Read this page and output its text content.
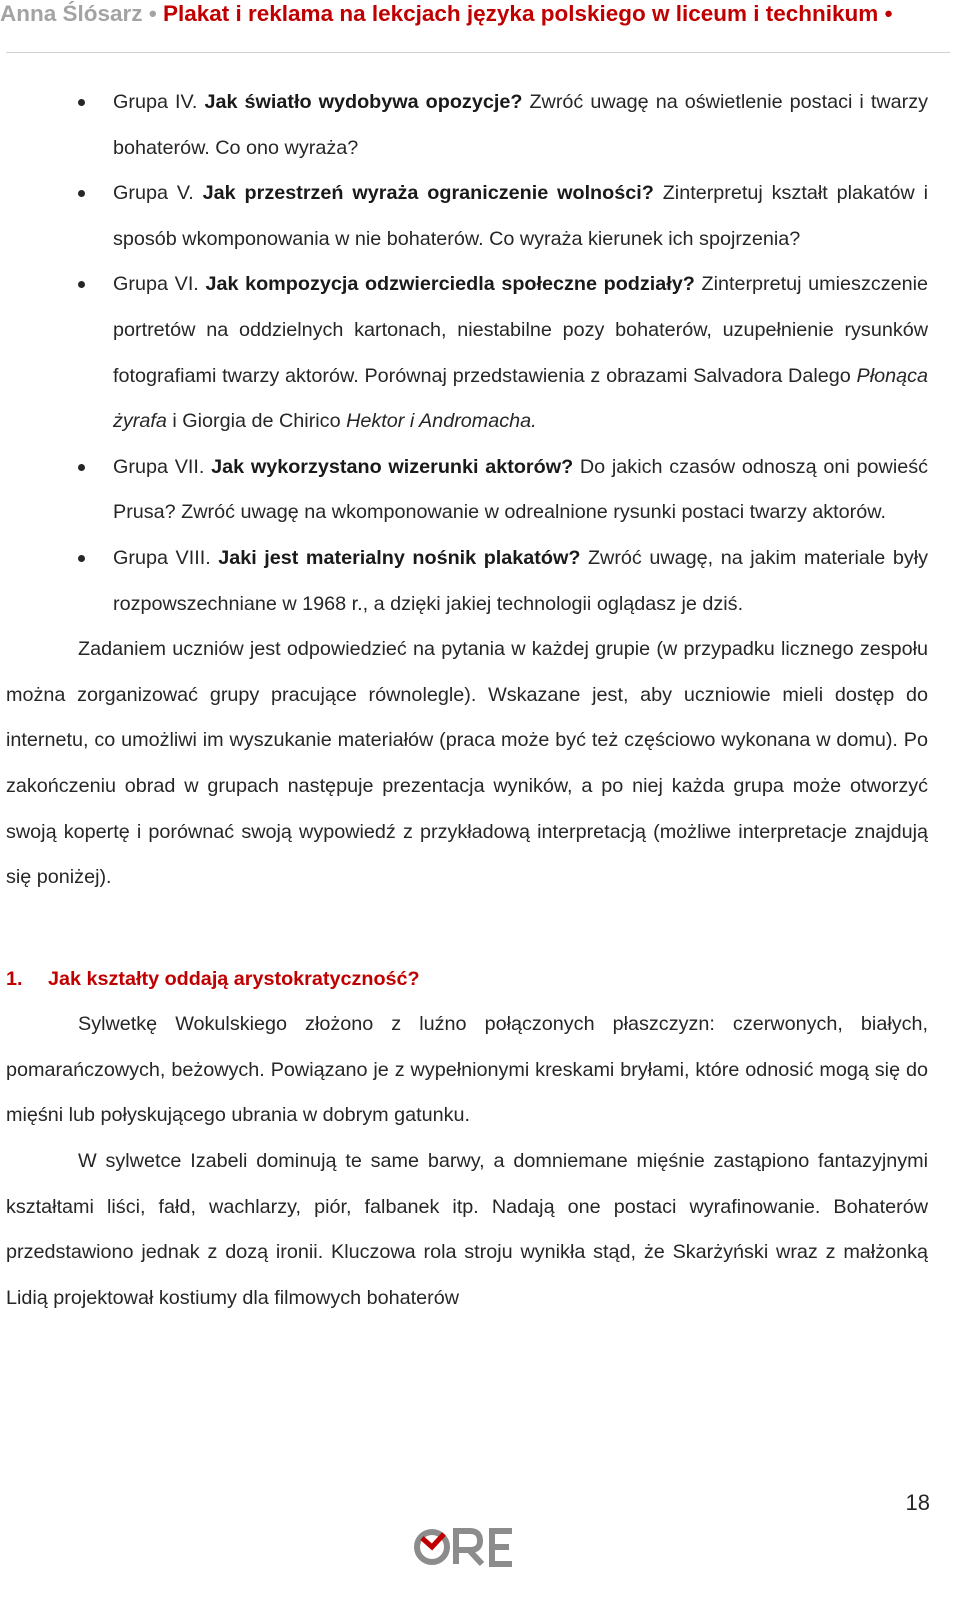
Anna Ślósarz • Plakat i reklama na lekcjach języka polskiego w liceum i technikum •
Grupa IV. Jak światło wydobywa opozycje? Zwróć uwagę na oświetlenie postaci i twarzy bohaterów. Co ono wyraża?
Grupa V. Jak przestrzeń wyraża ograniczenie wolności? Zinterpretuj kształt plakatów i sposób wkomponowania w nie bohaterów. Co wyraża kierunek ich spojrzenia?
Grupa VI. Jak kompozycja odzwierciedla społeczne podziały? Zinterpretuj umieszczenie portretów na oddzielnych kartonach, niestabilne pozy bohaterów, uzupełnienie rysunków fotografiami twarzy aktorów. Porównaj przedstawienia z obrazami Salvadora Dalego Płonąca żyrafa i Giorgia de Chirico Hektor i Andromacha.
Grupa VII. Jak wykorzystano wizerunki aktorów? Do jakich czasów odnoszą oni powieść Prusa? Zwróć uwagę na wkomponowanie w odrealnione rysunki postaci twarzy aktorów.
Grupa VIII. Jaki jest materialny nośnik plakatów? Zwróć uwagę, na jakim materiale były rozpowszechniane w 1968 r., a dzięki jakiej technologii oglądasz je dziś.

Zadaniem uczniów jest odpowiedzieć na pytania w każdej grupie (w przypadku licznego zespołu można zorganizować grupy pracujące równolegle). Wskazane jest, aby uczniowie mieli dostęp do internetu, co umożliwi im wyszukanie materiałów (praca może być też częściowo wykonana w domu). Po zakończeniu obrad w grupach następuje prezentacja wyników, a po niej każda grupa może otworzyć swoją kopertę i porównać swoją wypowiedź z przykładową interpretacją (możliwe interpretacje znajdują się poniżej).

1.	Jak kształty oddają arystokratyczność?

Sylwetkę Wokulskiego złożono z luźno połączonych płaszczyzn: czerwonych, białych, pomarańczowych, beżowych. Powiązano je z wypełnionymi kreskami bryłami, które odnosić mogą się do mięśni lub połyskującego ubrania w dobrym gatunku.

W sylwetce Izabeli dominują te same barwy, a domniemane mięśnie zastąpiono fantazyjnymi kształtami liści, fałd, wachlarzy, piór, falbanek itp. Nadają one postaci wyrafinowanie. Bohaterów przedstawiono jednak z dozą ironii. Kluczowa rola stroju wynikła stąd, że Skarżyński wraz z małżonką Lidią projektował kostiumy dla filmowych bohaterów

18
